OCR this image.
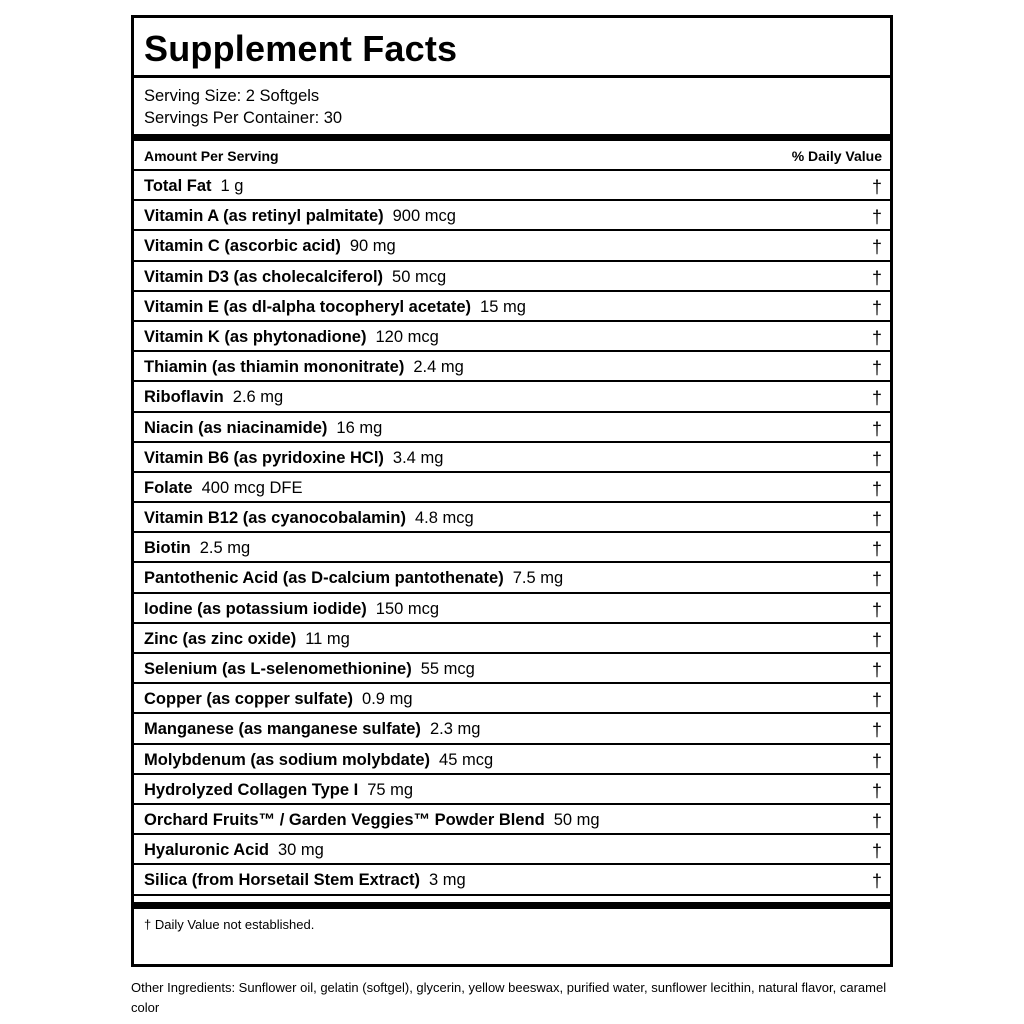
Supplement Facts
Serving Size: 2 Softgels
Servings Per Container: 30
Amount Per Serving	% Daily Value
Total Fat 1 g	†
Vitamin A (as retinyl palmitate) 900 mcg	†
Vitamin C (ascorbic acid) 90 mg	†
Vitamin D3 (as cholecalciferol) 50 mcg	†
Vitamin E (as dl-alpha tocopheryl acetate) 15 mg	†
Vitamin K (as phytonadione) 120 mcg	†
Thiamin (as thiamin mononitrate) 2.4 mg	†
Riboflavin 2.6 mg	†
Niacin (as niacinamide) 16 mg	†
Vitamin B6 (as pyridoxine HCl) 3.4 mg	†
Folate 400 mcg DFE	†
Vitamin B12 (as cyanocobalamin) 4.8 mcg	†
Biotin 2.5 mg	†
Pantothenic Acid (as D-calcium pantothenate) 7.5 mg	†
Iodine (as potassium iodide) 150 mcg	†
Zinc (as zinc oxide) 11 mg	†
Selenium (as L-selenomethionine) 55 mcg	†
Copper (as copper sulfate) 0.9 mg	†
Manganese (as manganese sulfate) 2.3 mg	†
Molybdenum (as sodium molybdate) 45 mcg	†
Hydrolyzed Collagen Type I 75 mg	†
Orchard Fruits™ / Garden Veggies™ Powder Blend 50 mg	†
Hyaluronic Acid 30 mg	†
Silica (from Horsetail Stem Extract) 3 mg	†
† Daily Value not established.
Other Ingredients: Sunflower oil, gelatin (softgel), glycerin, yellow beeswax, purified water, sunflower lecithin, natural flavor, caramel color
